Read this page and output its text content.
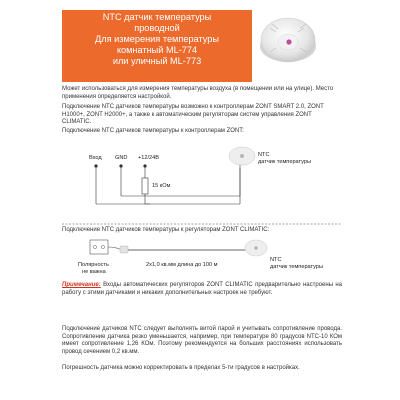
NTC датчик температуры
проводной
Для измерения температуры
комнатный ML-774
или уличный ML-773
Может использоваться для измерения температуры воздуха (в помещении или на улице). Место применения определяется настройкой.
Подключение NTC датчиков температуры возможно к контроллерам ZONT SMART 2.0, ZONT H1000+, ZONT H2000+, а также к автоматическим регуляторам систем управления ZONT CLIMATIC.
Подключение NTC датчиков температуры к контроллерам ZONT:
Вход GND +12/24В
15 кОм
NTC
датчик температуры
Подключение NTC датчиков температуры к регуляторам ZONT CLIMATIC:
Полярность
не важна
2х1,0 кв.мм длина до 100 м
NTC
датчик температуры
Примечание: Входы автоматических регуляторов ZONT CLIMATIC предварительно настроены на работу с этими датчиками и никаких дополнительных настроек не требуют.
Подключение датчиков NTC следует выполнять витой парой и учитывать сопротивление провода. Сопротивление датчика резко уменьшается, например, при температуре 80 градусов NTC-10 КОм имеет сопротивление 1,26 КОм. Поэтому рекомендуется на больших расстояниях использовать провод сечением 0,2 кв.мм.
Погрешность датчика можно корректировать в пределах 5-ти градусов в настройках.
